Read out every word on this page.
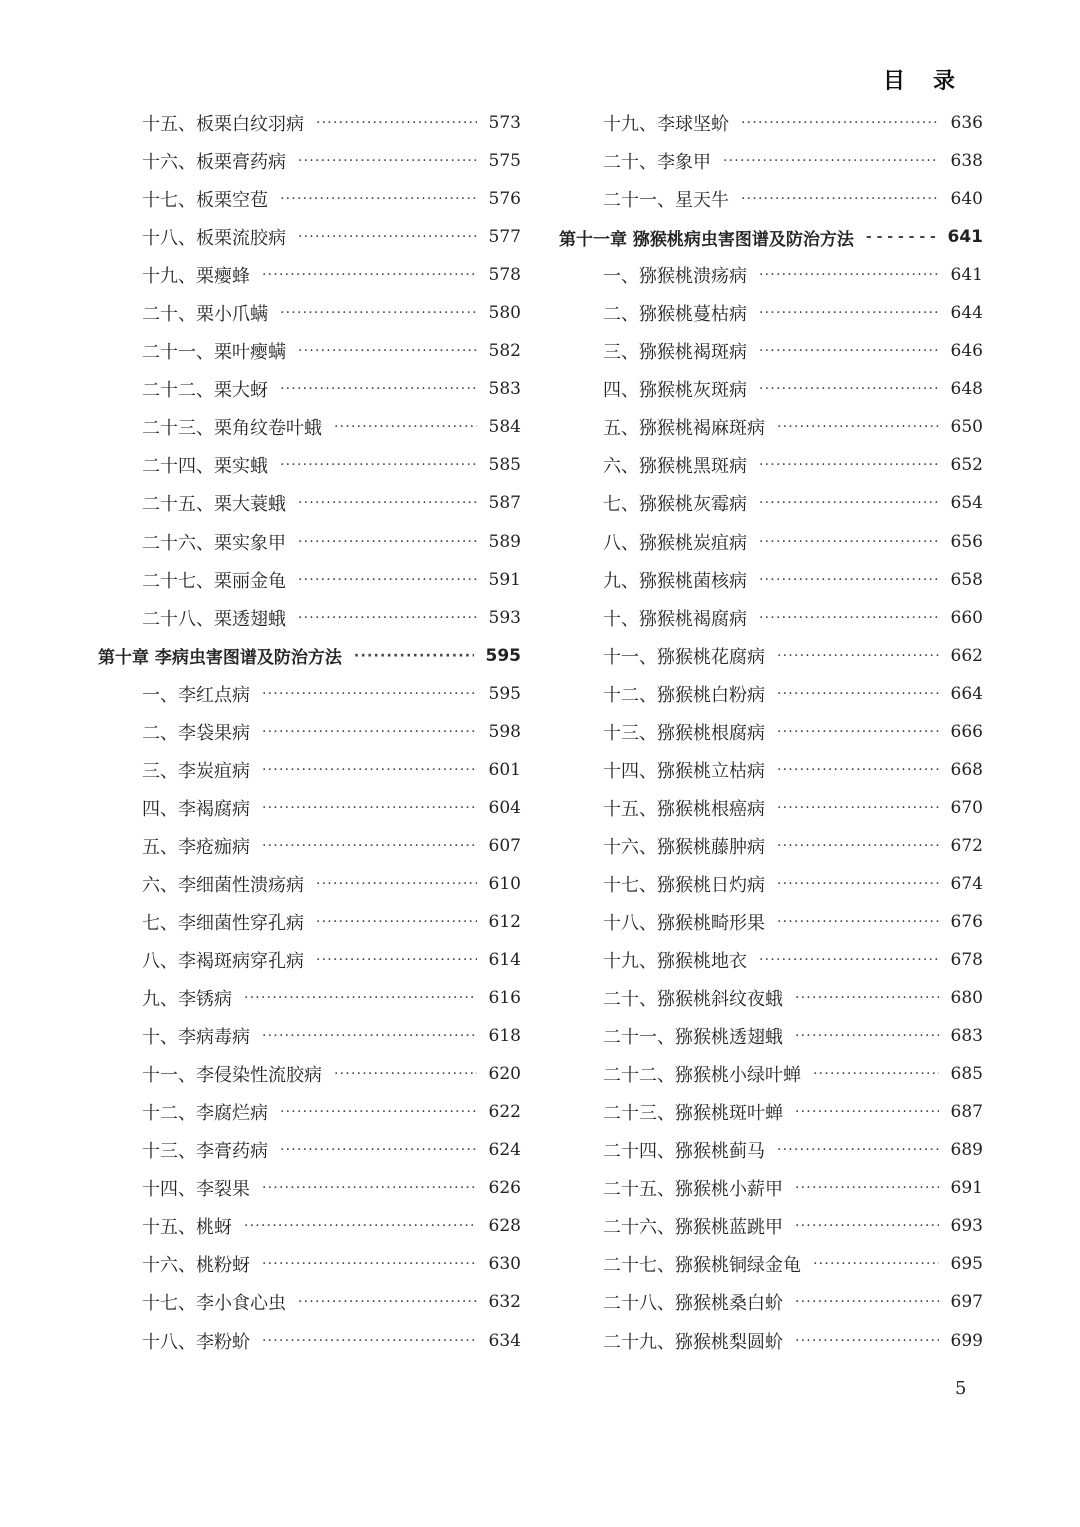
目录
十五、板栗白纹羽病 ·····	573
十六、板栗膏药病 ·····	575
十七、板栗空苞 ·····	576
十八、板栗流胶病 ·····	577
十九、栗瘿蜂 ·····	578
二十、栗小爪螨 ·····	580
二十一、栗叶瘿螨 ·····	582
二十二、栗大蚜 ·····	583
二十三、栗角纹卷叶蛾 ·····	584
二十四、栗实蛾 ·····	585
二十五、栗大蓑蛾 ·····	587
二十六、栗实象甲 ·····	589
二十七、栗丽金龟 ·····	591
二十八、栗透翅蛾 ·····	593
第十章 李病虫害图谱及防治方法 ·····	595
一、李红点病 ·····	595
二、李袋果病 ·····	598
三、李炭疽病 ·····	601
四、李褐腐病 ·····	604
五、李疮痂病 ·····	607
六、李细菌性溃疡病 ·····	610
七、李细菌性穿孔病 ·····	612
八、李褐斑病穿孔病 ·····	614
九、李锈病 ·····	616
十、李病毒病 ·····	618
十一、李侵染性流胶病 ·····	620
十二、李腐烂病 ·····	622
十三、李膏药病 ·····	624
十四、李裂果 ·····	626
十五、桃蚜 ·····	628
十六、桃粉蚜 ·····	630
十七、李小食心虫 ·····	632
十八、李粉蚧 ·····	634
十九、李球坚蚧 ·····	636
二十、李象甲 ·····	638
二十一、星天牛 ·····	640
第十一章 猕猴桃病虫害图谱及防治方法 - - -	641
一、猕猴桃溃疡病 ·····	641
二、猕猴桃蔓枯病 ·····	644
三、猕猴桃褐斑病 ·····	646
四、猕猴桃灰斑病 ·····	648
五、猕猴桃褐麻斑病 ·····	650
六、猕猴桃黑斑病 ·····	652
七、猕猴桃灰霉病 ·····	654
八、猕猴桃炭疽病 ·····	656
九、猕猴桃菌核病 ·····	658
十、猕猴桃褐腐病 ·····	660
十一、猕猴桃花腐病 ·····	662
十二、猕猴桃白粉病 ·····	664
十三、猕猴桃根腐病 ·····	666
十四、猕猴桃立枯病 ·····	668
十五、猕猴桃根癌病 ·····	670
十六、猕猴桃藤肿病 ·····	672
十七、猕猴桃日灼病 ·····	674
十八、猕猴桃畸形果 ·····	676
十九、猕猴桃地衣 ·····	678
二十、猕猴桃斜纹夜蛾 ·····	680
二十一、猕猴桃透翅蛾 ·····	683
二十二、猕猴桃小绿叶蝉 ·····	685
二十三、猕猴桃斑叶蝉 ·····	687
二十四、猕猴桃蓟马 ·····	689
二十五、猕猴桃小薪甲 ·····	691
二十六、猕猴桃蓝跳甲 ·····	693
二十七、猕猴桃铜绿金龟 ·····	695
二十八、猕猴桃桑白蚧 ·····	697
二十九、猕猴桃梨圆蚧 ·····	699
5
